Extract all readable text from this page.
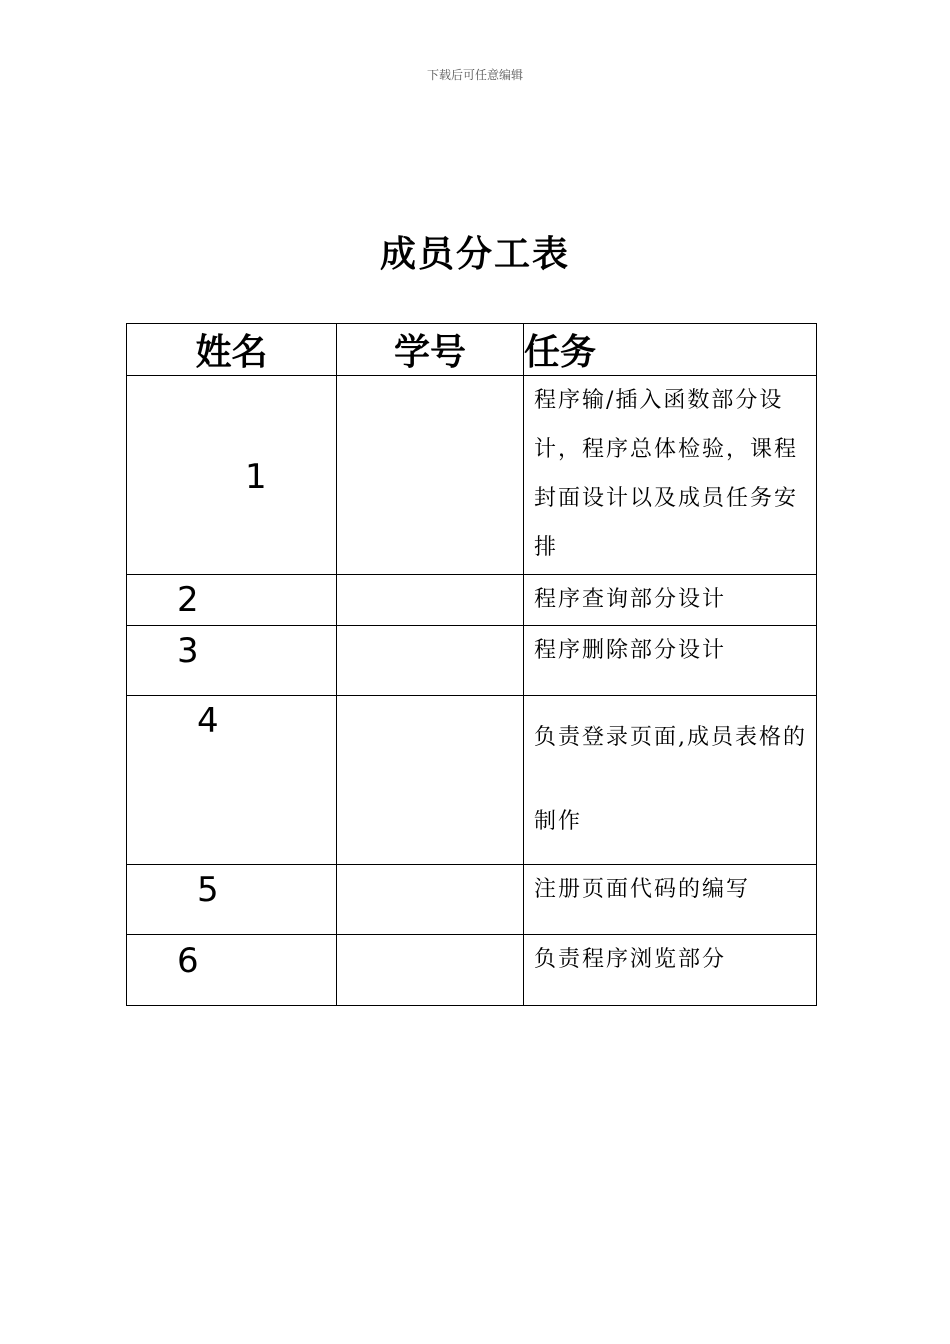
下载后可任意编辑
成员分工表
姓名	学号	任务

1		程序输/插入函数部分设计，程序总体检验，课程封面设计以及成员任务安排

2		程序查询部分设计

3		程序删除部分设计

4		负责登录页面,成员表格的制作

5		注册页面代码的编写

6		负责程序浏览部分
